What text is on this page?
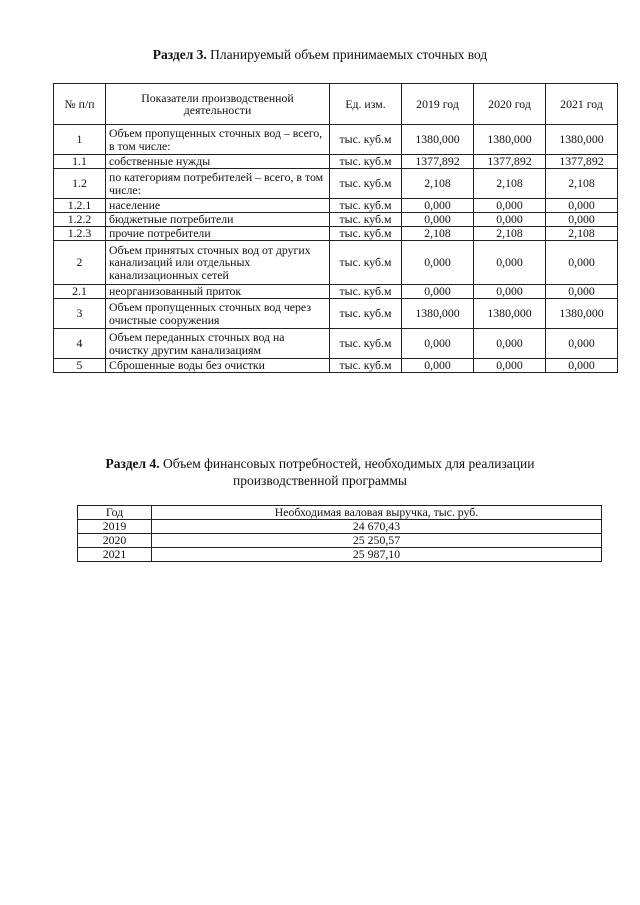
Раздел 3. Планируемый объем принимаемых сточных вод
№ п/п	Показатели производственной деятельности	Ед. изм.	2019 год	2020 год	2021 год
1	Объем пропущенных сточных вод – всего, в том числе:	тыс. куб.м	1380,000	1380,000	1380,000
1.1	собственные нужды	тыс. куб.м	1377,892	1377,892	1377,892
1.2	по категориям потребителей – всего, в том числе:	тыс. куб.м	2,108	2,108	2,108
1.2.1	население	тыс. куб.м	0,000	0,000	0,000
1.2.2	бюджетные потребители	тыс. куб.м	0,000	0,000	0,000
1.2.3	прочие потребители	тыс. куб.м	2,108	2,108	2,108
2	Объем принятых сточных вод от других канализаций или отдельных канализационных сетей	тыс. куб.м	0,000	0,000	0,000
2.1	неорганизованный приток	тыс. куб.м	0,000	0,000	0,000
3	Объем пропущенных сточных вод через очистные сооружения	тыс. куб.м	1380,000	1380,000	1380,000
4	Объем переданных сточных вод на очистку другим канализациям	тыс. куб.м	0,000	0,000	0,000
5	Сброшенные воды без очистки	тыс. куб.м	0,000	0,000	0,000
Раздел 4. Объем финансовых потребностей, необходимых для реализации
производственной программы
Год	Необходимая валовая выручка, тыс. руб.
2019	24 670,43
2020	25 250,57
2021	25 987,10
